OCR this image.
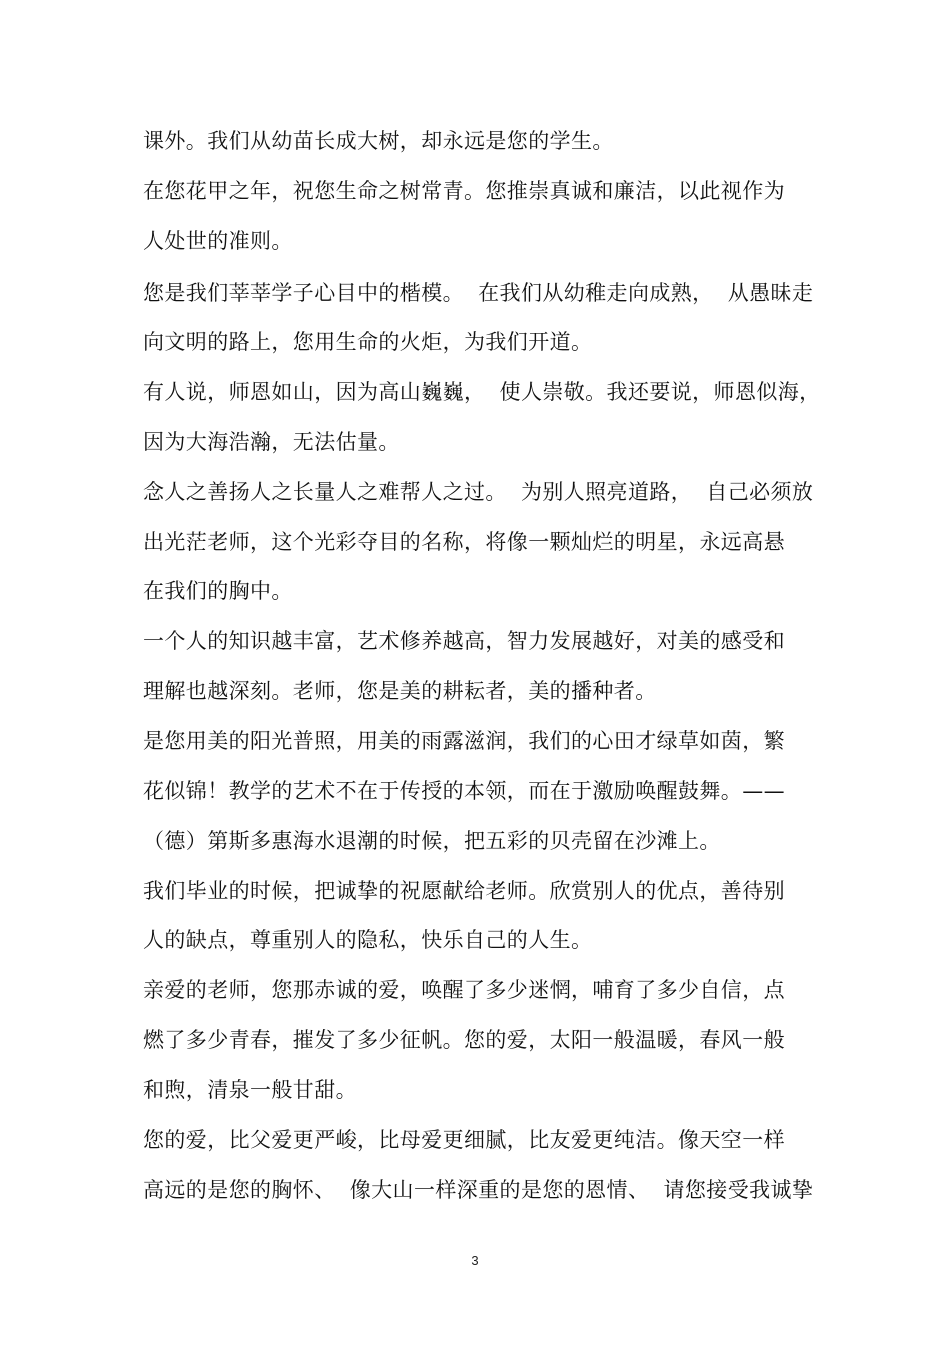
课外。我们从幼苗长成大树，却永远是您的学生。
在您花甲之年，祝您生命之树常青。您推崇真诚和廉洁，以此视作为
人处世的准则。
您是我们莘莘学子心目中的楷模。  在我们从幼稚走向成熟，  从愚昧走
向文明的路上，您用生命的火炬，为我们开道。
有人说，师恩如山，因为高山巍巍，  使人崇敬。我还要说，师恩似海，
因为大海浩瀚，无法估量。
念人之善扬人之长量人之难帮人之过。  为别人照亮道路，  自己必须放
出光茫老师，这个光彩夺目的名称，将像一颗灿烂的明星，永远高悬
在我们的胸中。
一个人的知识越丰富，艺术修养越高，智力发展越好，对美的感受和
理解也越深刻。老师，您是美的耕耘者，美的播种者。
是您用美的阳光普照，用美的雨露滋润，我们的心田才绿草如茵，繁
花似锦！教学的艺术不在于传授的本领，而在于激励唤醒鼓舞。——
（德）第斯多惠海水退潮的时候，把五彩的贝壳留在沙滩上。
我们毕业的时候，把诚挚的祝愿献给老师。欣赏别人的优点，善待别
人的缺点，尊重别人的隐私，快乐自己的人生。
亲爱的老师，您那赤诚的爱，唤醒了多少迷惘，哺育了多少自信，点
燃了多少青春，摧发了多少征帆。您的爱，太阳一般温暖，春风一般
和煦，清泉一般甘甜。
您的爱，比父爱更严峻，比母爱更细腻，比友爱更纯洁。像天空一样
高远的是您的胸怀、  像大山一样深重的是您的恩情、  请您接受我诚挚
3
